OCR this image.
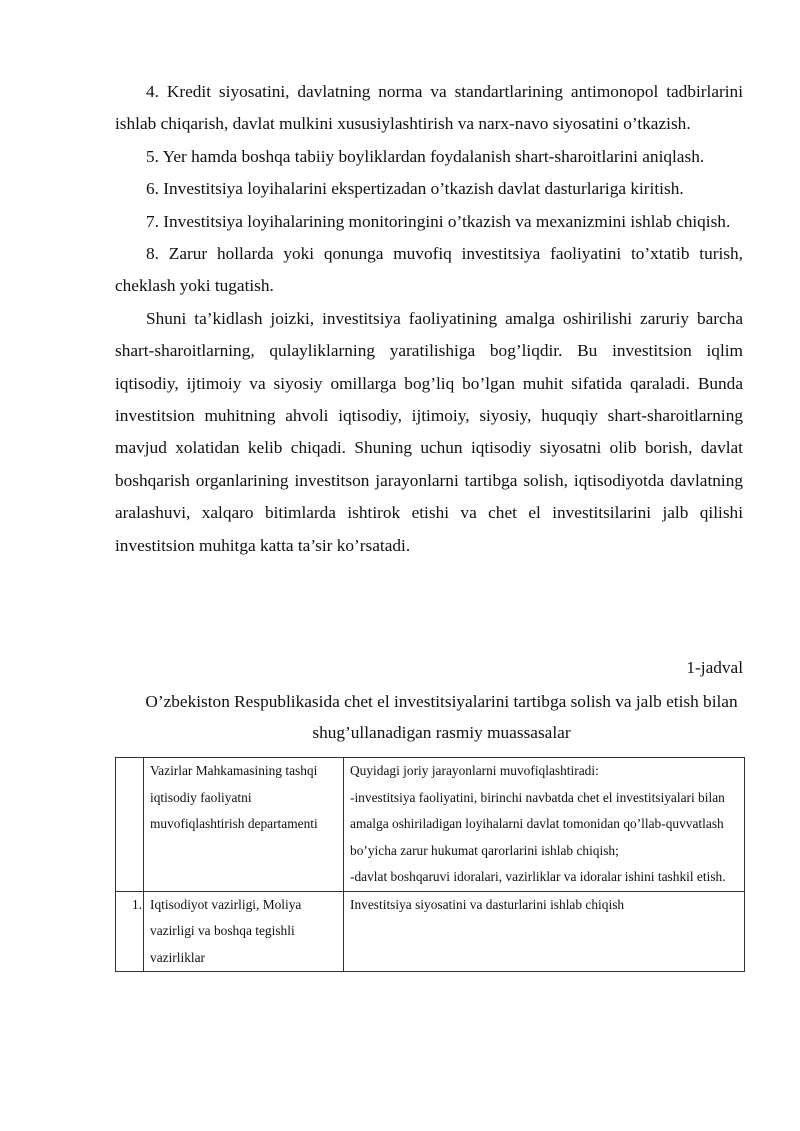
4. Kredit siyosatini, davlatning norma va standartlarining antimonopol tadbirlarini ishlab chiqarish, davlat mulkini xususiylashtirish va narx-navo siyosatini o’tkazish.

5. Yer hamda boshqa tabiiy boyliklardan foydalanish shart-sharoitlarini aniqlash.

6. Investitsiya loyihalarini ekspertizadan o’tkazish davlat dasturlariga kiritish.

7. Investitsiya loyihalarining monitoringini o’tkazish va mexanizmini ishlab chiqish.

8. Zarur hollarda yoki qonunga muvofiq investitsiya faoliyatini to’xtatib turish, cheklash yoki tugatish.

Shuni ta’kidlash joizki, investitsiya faoliyatining amalga oshirilishi zaruriy barcha shart-sharoitlarning, qulayliklarning yaratilishiga bog’liqdir. Bu investitsion iqlim iqtisodiy, ijtimoiy va siyosiy omillarga bog’liq bo’lgan muhit sifatida qaraladi. Bunda investitsion muhitning ahvoli iqtisodiy, ijtimoiy, siyosiy, huquqiy shart-sharoitlarning mavjud xolatidan kelib chiqadi. Shuning uchun iqtisodiy siyosatni olib borish, davlat boshqarish organlarining investitson jarayonlarni tartibga solish, iqtisodiyotda davlatning aralashuvi, xalqaro bitimlarda ishtirok etishi va chet el investitsilarini jalb qilishi investitsion muhitga katta ta’sir ko’rsatadi.

1-jadval
O’zbekiston Respublikasida chet el investitsiyalarini tartibga solish va jalb etish bilan shug’ullanadigan rasmiy muassasalar
	Vazirlar Mahkamasining tashqi iqtisodiy faoliyatni muvofiqlashtirish departamenti	Quyidagi joriy jarayonlarni muvofiqlashtiradi:
-investitsiya faoliyatini, birinchi navbatda chet el investitsiyalari bilan amalga oshiriladigan loyihalarni davlat tomonidan qo’llab-quvvatlash bo’yicha zarur hukumat qarorlarini ishlab chiqish;
-davlat boshqaruvi idoralari, vazirliklar va idoralar ishini tashkil etish.

1.	Iqtisodiyot vazirligi, Moliya vazirligi va boshqa tegishli vazirliklar	Investitsiya siyosatini va dasturlarini ishlab chiqish
